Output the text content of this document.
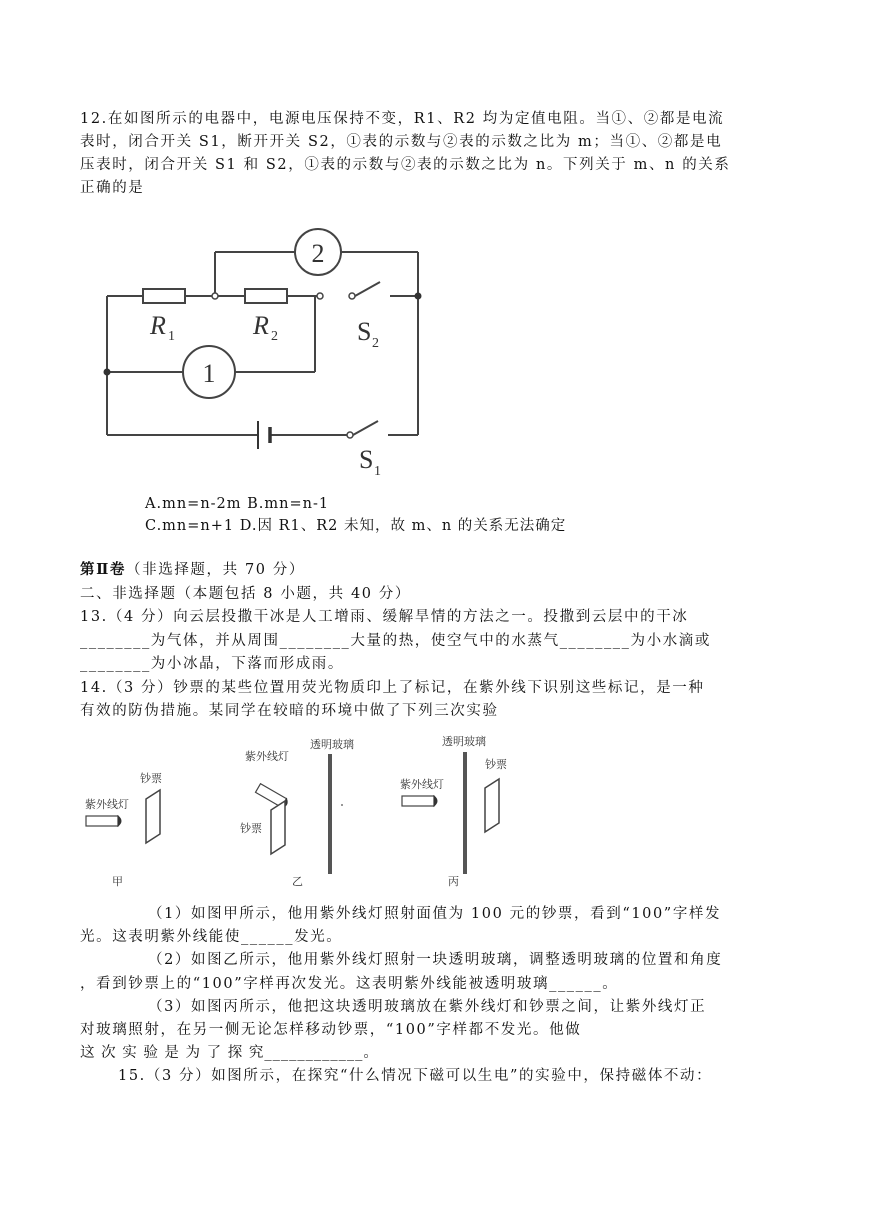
12.在如图所示的电器中，电源电压保持不变，R1、R2 均为定值电阻。当①、②都是电流
表时，闭合开关 S1，断开开关 S2，①表的示数与②表的示数之比为 m；当①、②都是电
压表时，闭合开关 S1 和 S2，①表的示数与②表的示数之比为 n。下列关于 m、n 的关系
正确的是
2
1
R 1	R 2	S 2
S 1
A.mn=n-2m B.mn=n-1
C.mn=n+1 D.因 R1、R2 未知，故 m、n 的关系无法确定
第Ⅱ卷（非选择题，共 70 分）
二、非选择题（本题包括 8 小题，共 40 分）
13.（4 分）向云层投撒干冰是人工增雨、缓解旱情的方法之一。投撒到云层中的干冰
________为气体，并从周围________大量的热，使空气中的水蒸气________为小水滴或
________为小冰晶，下落而形成雨。
14.（3 分）钞票的某些位置用荧光物质印上了标记，在紫外线下识别这些标记，是一种
有效的防伪措施。某同学在较暗的环境中做了下列三次实验
紫外线灯
钞票
甲
紫外线灯
透明玻璃
钞票
乙
透明玻璃
紫外线灯
钞票
丙
（1）如图甲所示，他用紫外线灯照射面值为 100 元的钞票，看到“100”字样发
光。这表明紫外线能使______发光。
（2）如图乙所示，他用紫外线灯照射一块透明玻璃，调整透明玻璃的位置和角度
，看到钞票上的“100”字样再次发光。这表明紫外线能被透明玻璃______。
（3）如图丙所示，他把这块透明玻璃放在紫外线灯和钞票之间，让紫外线灯正
对玻璃照射，在另一侧无论怎样移动钞票，“100”字样都不发光。他做
这 次 实 验 是 为 了 探 究____________。
15.（3 分）如图所示，在探究“什么情况下磁可以生电”的实验中，保持磁体不动：
